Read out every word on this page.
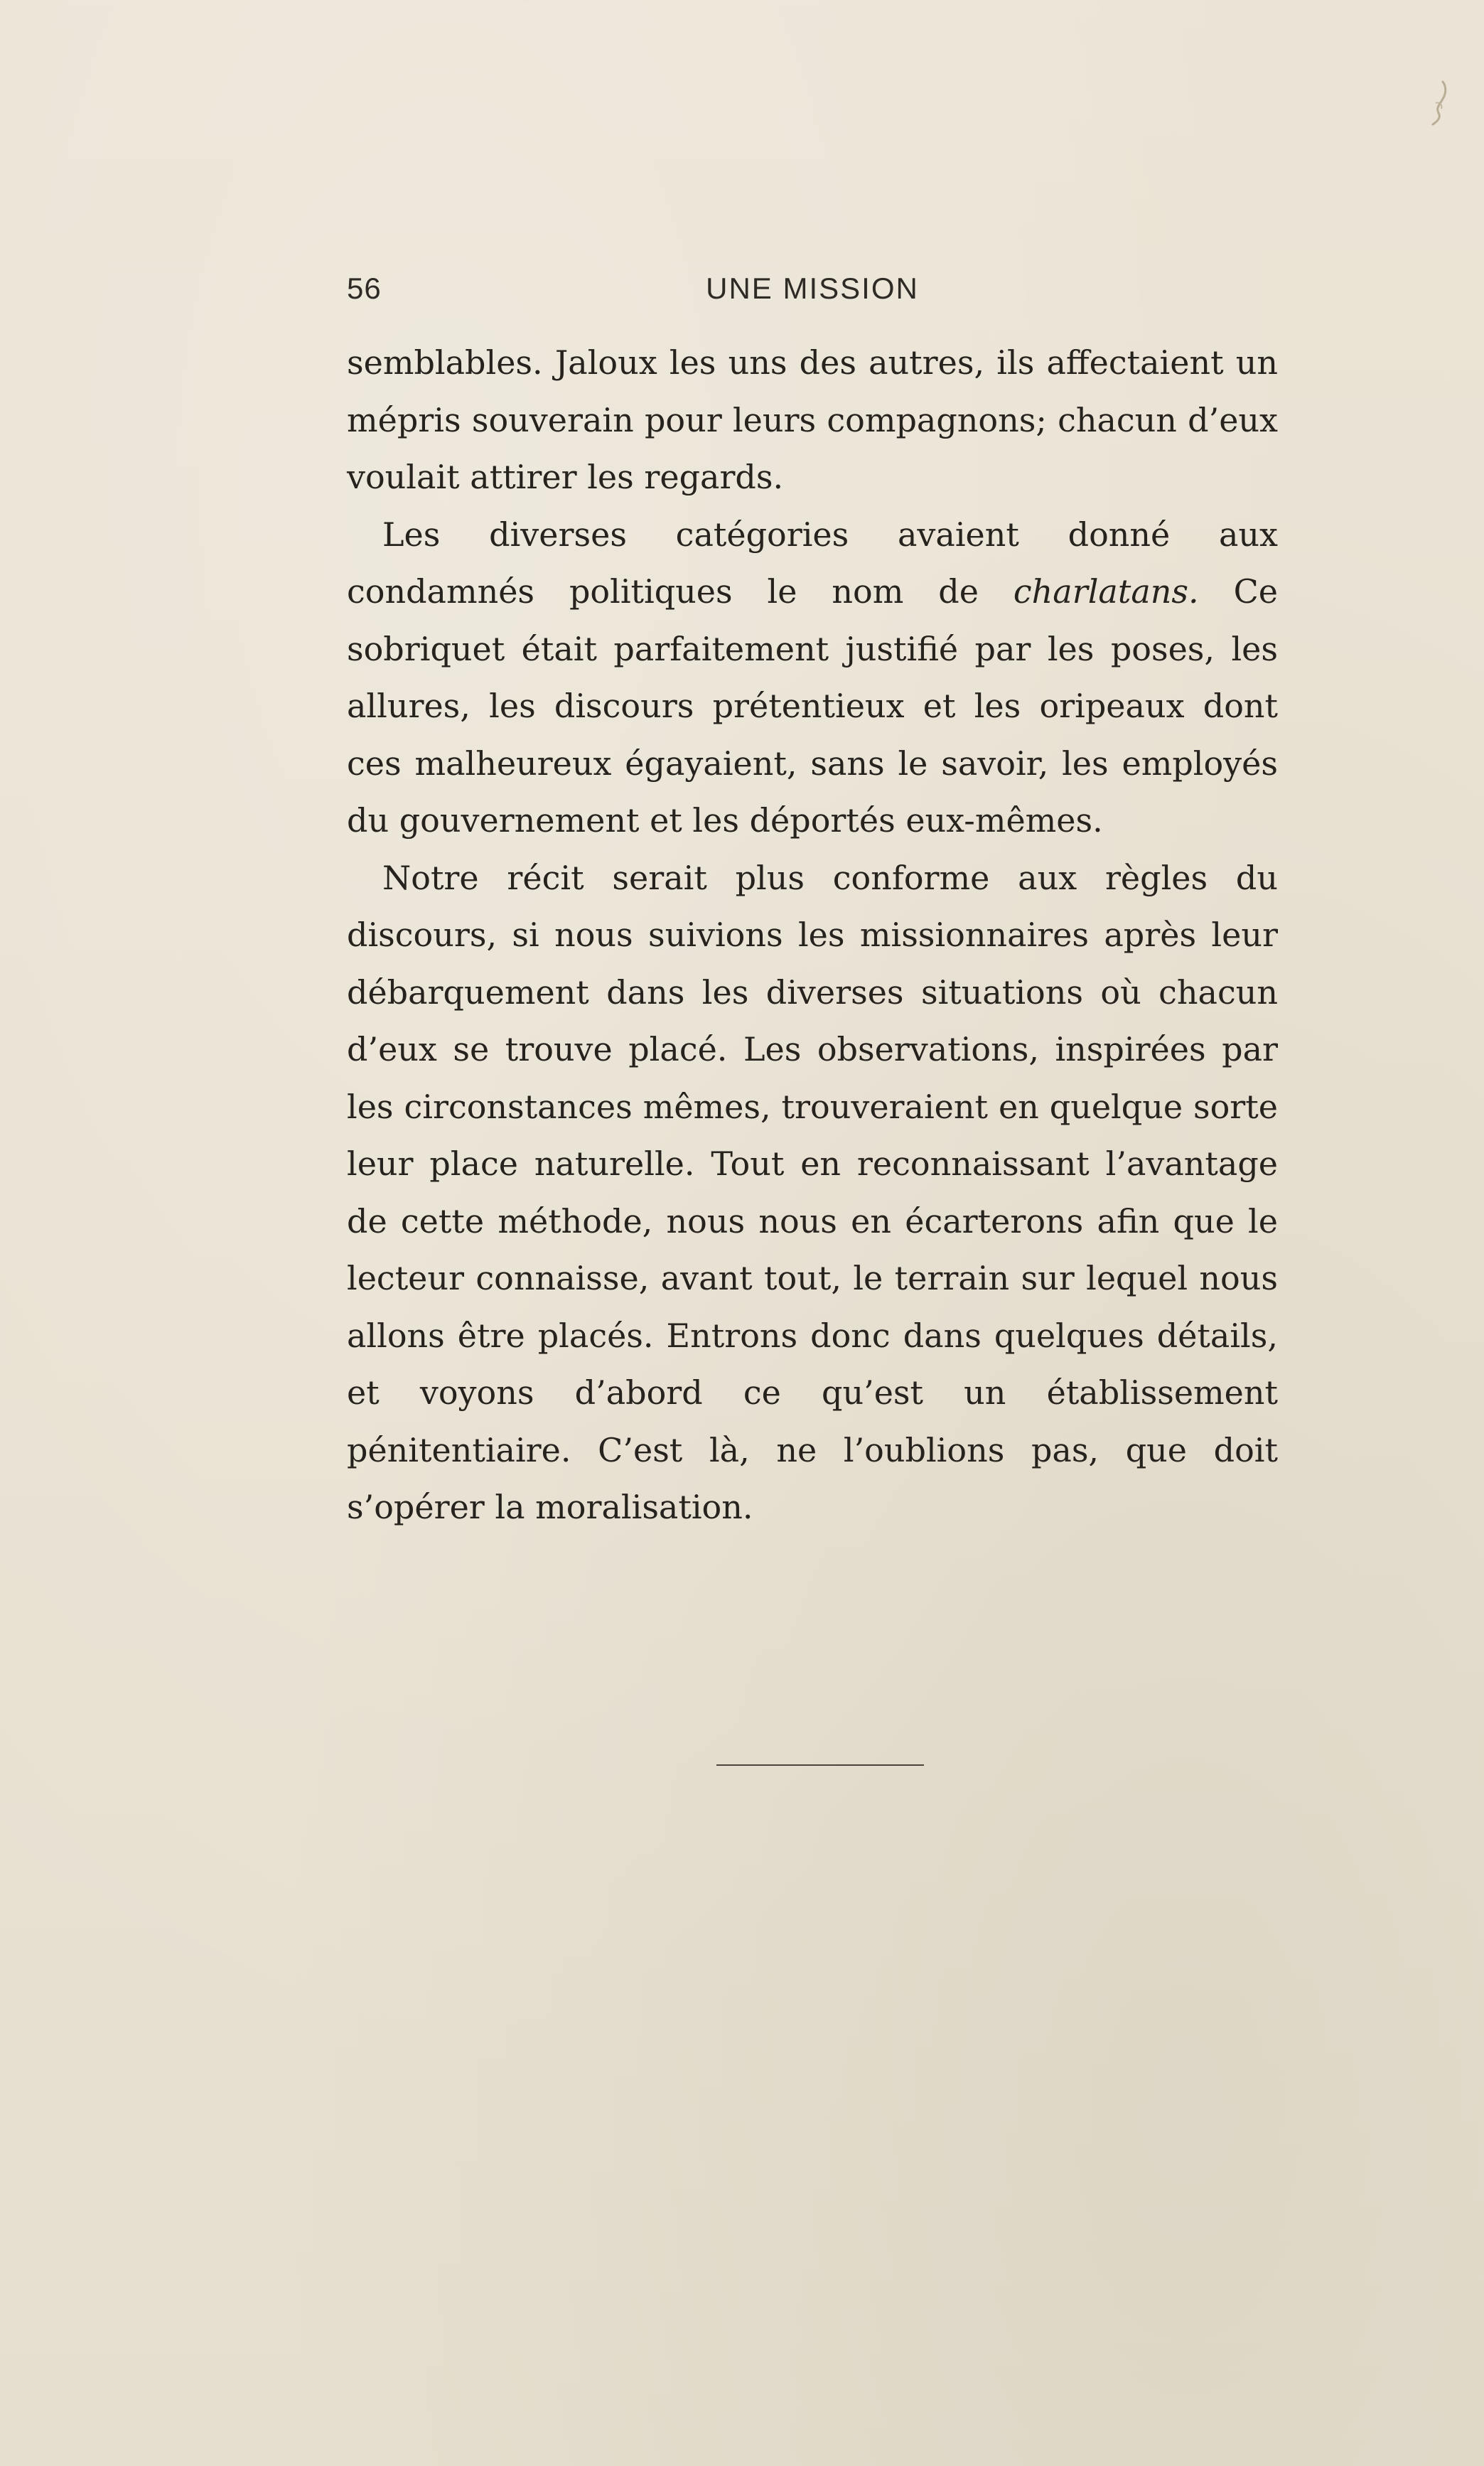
56	UNE MISSION

semblables. Jaloux les uns des autres, ils affectaient un mépris souverain pour leurs compagnons; chacun d’eux voulait attirer les regards.

Les diverses catégories avaient donné aux condamnés politiques le nom de charlatans. Ce sobriquet était parfaitement justifié par les poses, les allures, les discours prétentieux et les oripeaux dont ces malheureux égayaient, sans le savoir, les employés du gouvernement et les déportés eux-mêmes.

Notre récit serait plus conforme aux règles du discours, si nous suivions les missionnaires après leur débarquement dans les diverses situations où chacun d’eux se trouve placé. Les observations, inspirées par les circonstances mêmes, trouveraient en quelque sorte leur place naturelle. Tout en reconnaissant l’avantage de cette méthode, nous nous en écarterons afin que le lecteur connaisse, avant tout, le terrain sur lequel nous allons être placés. Entrons donc dans quelques détails, et voyons d’abord ce qu’est un établissement pénitentiaire. C’est là, ne l’oublions pas, que doit s’opérer la moralisation.
